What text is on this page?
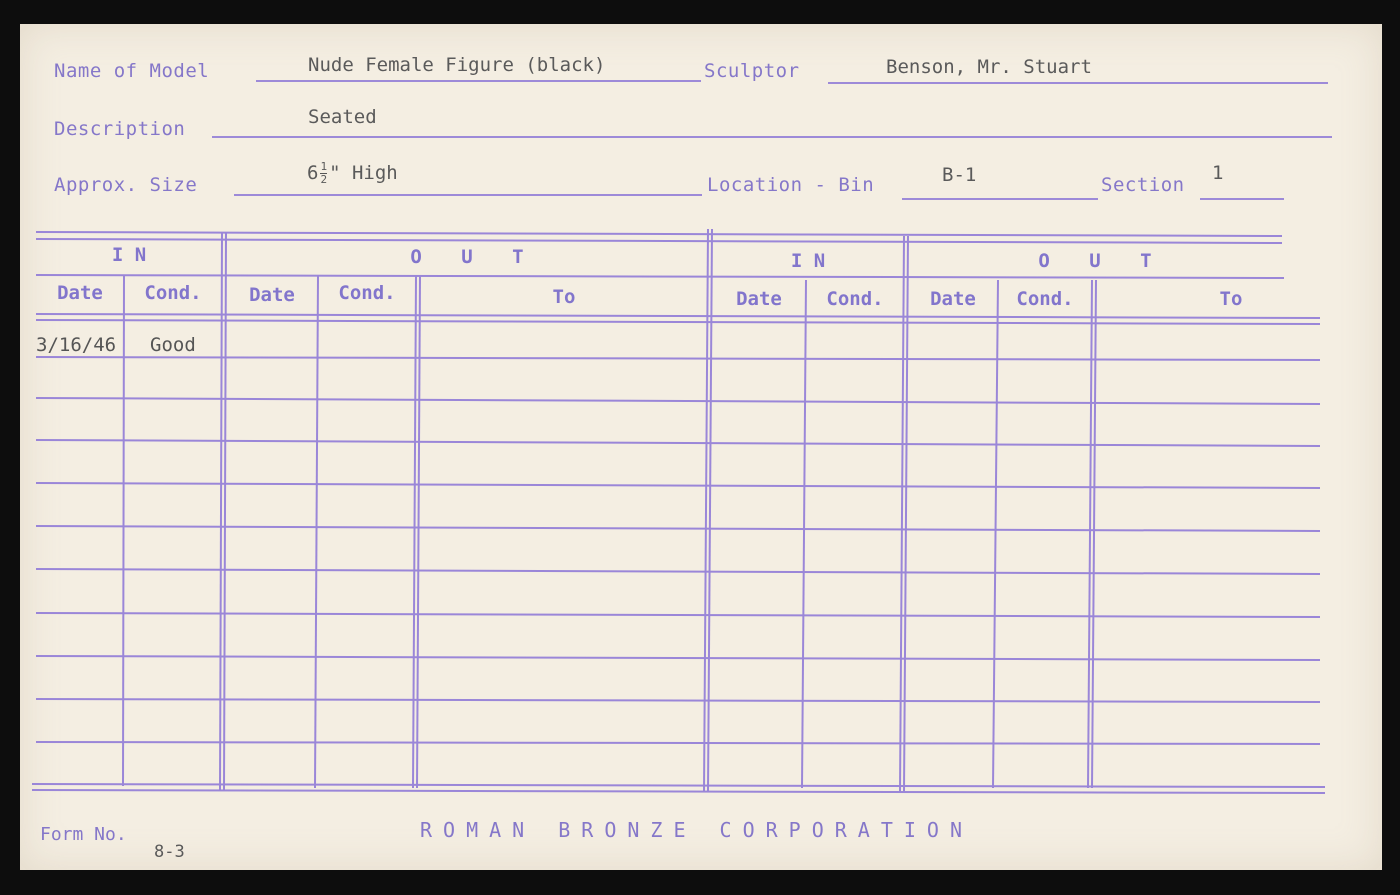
Name of Model	Nude Female Figure (black)	Sculptor	Benson, Mr. Stuart
Description
Seated
Approx. Size
$6 \frac{1}{2}$ " High
Location - Bin	B-1	Section
1
I N	O U T	I N	O U T
Date	Cond.	Date	Cond.	To	Date	Cond.	Date	Cond.	To
3/16/46 Good
Form No.
8-3
ROMAN BRONZE CORPORATION
